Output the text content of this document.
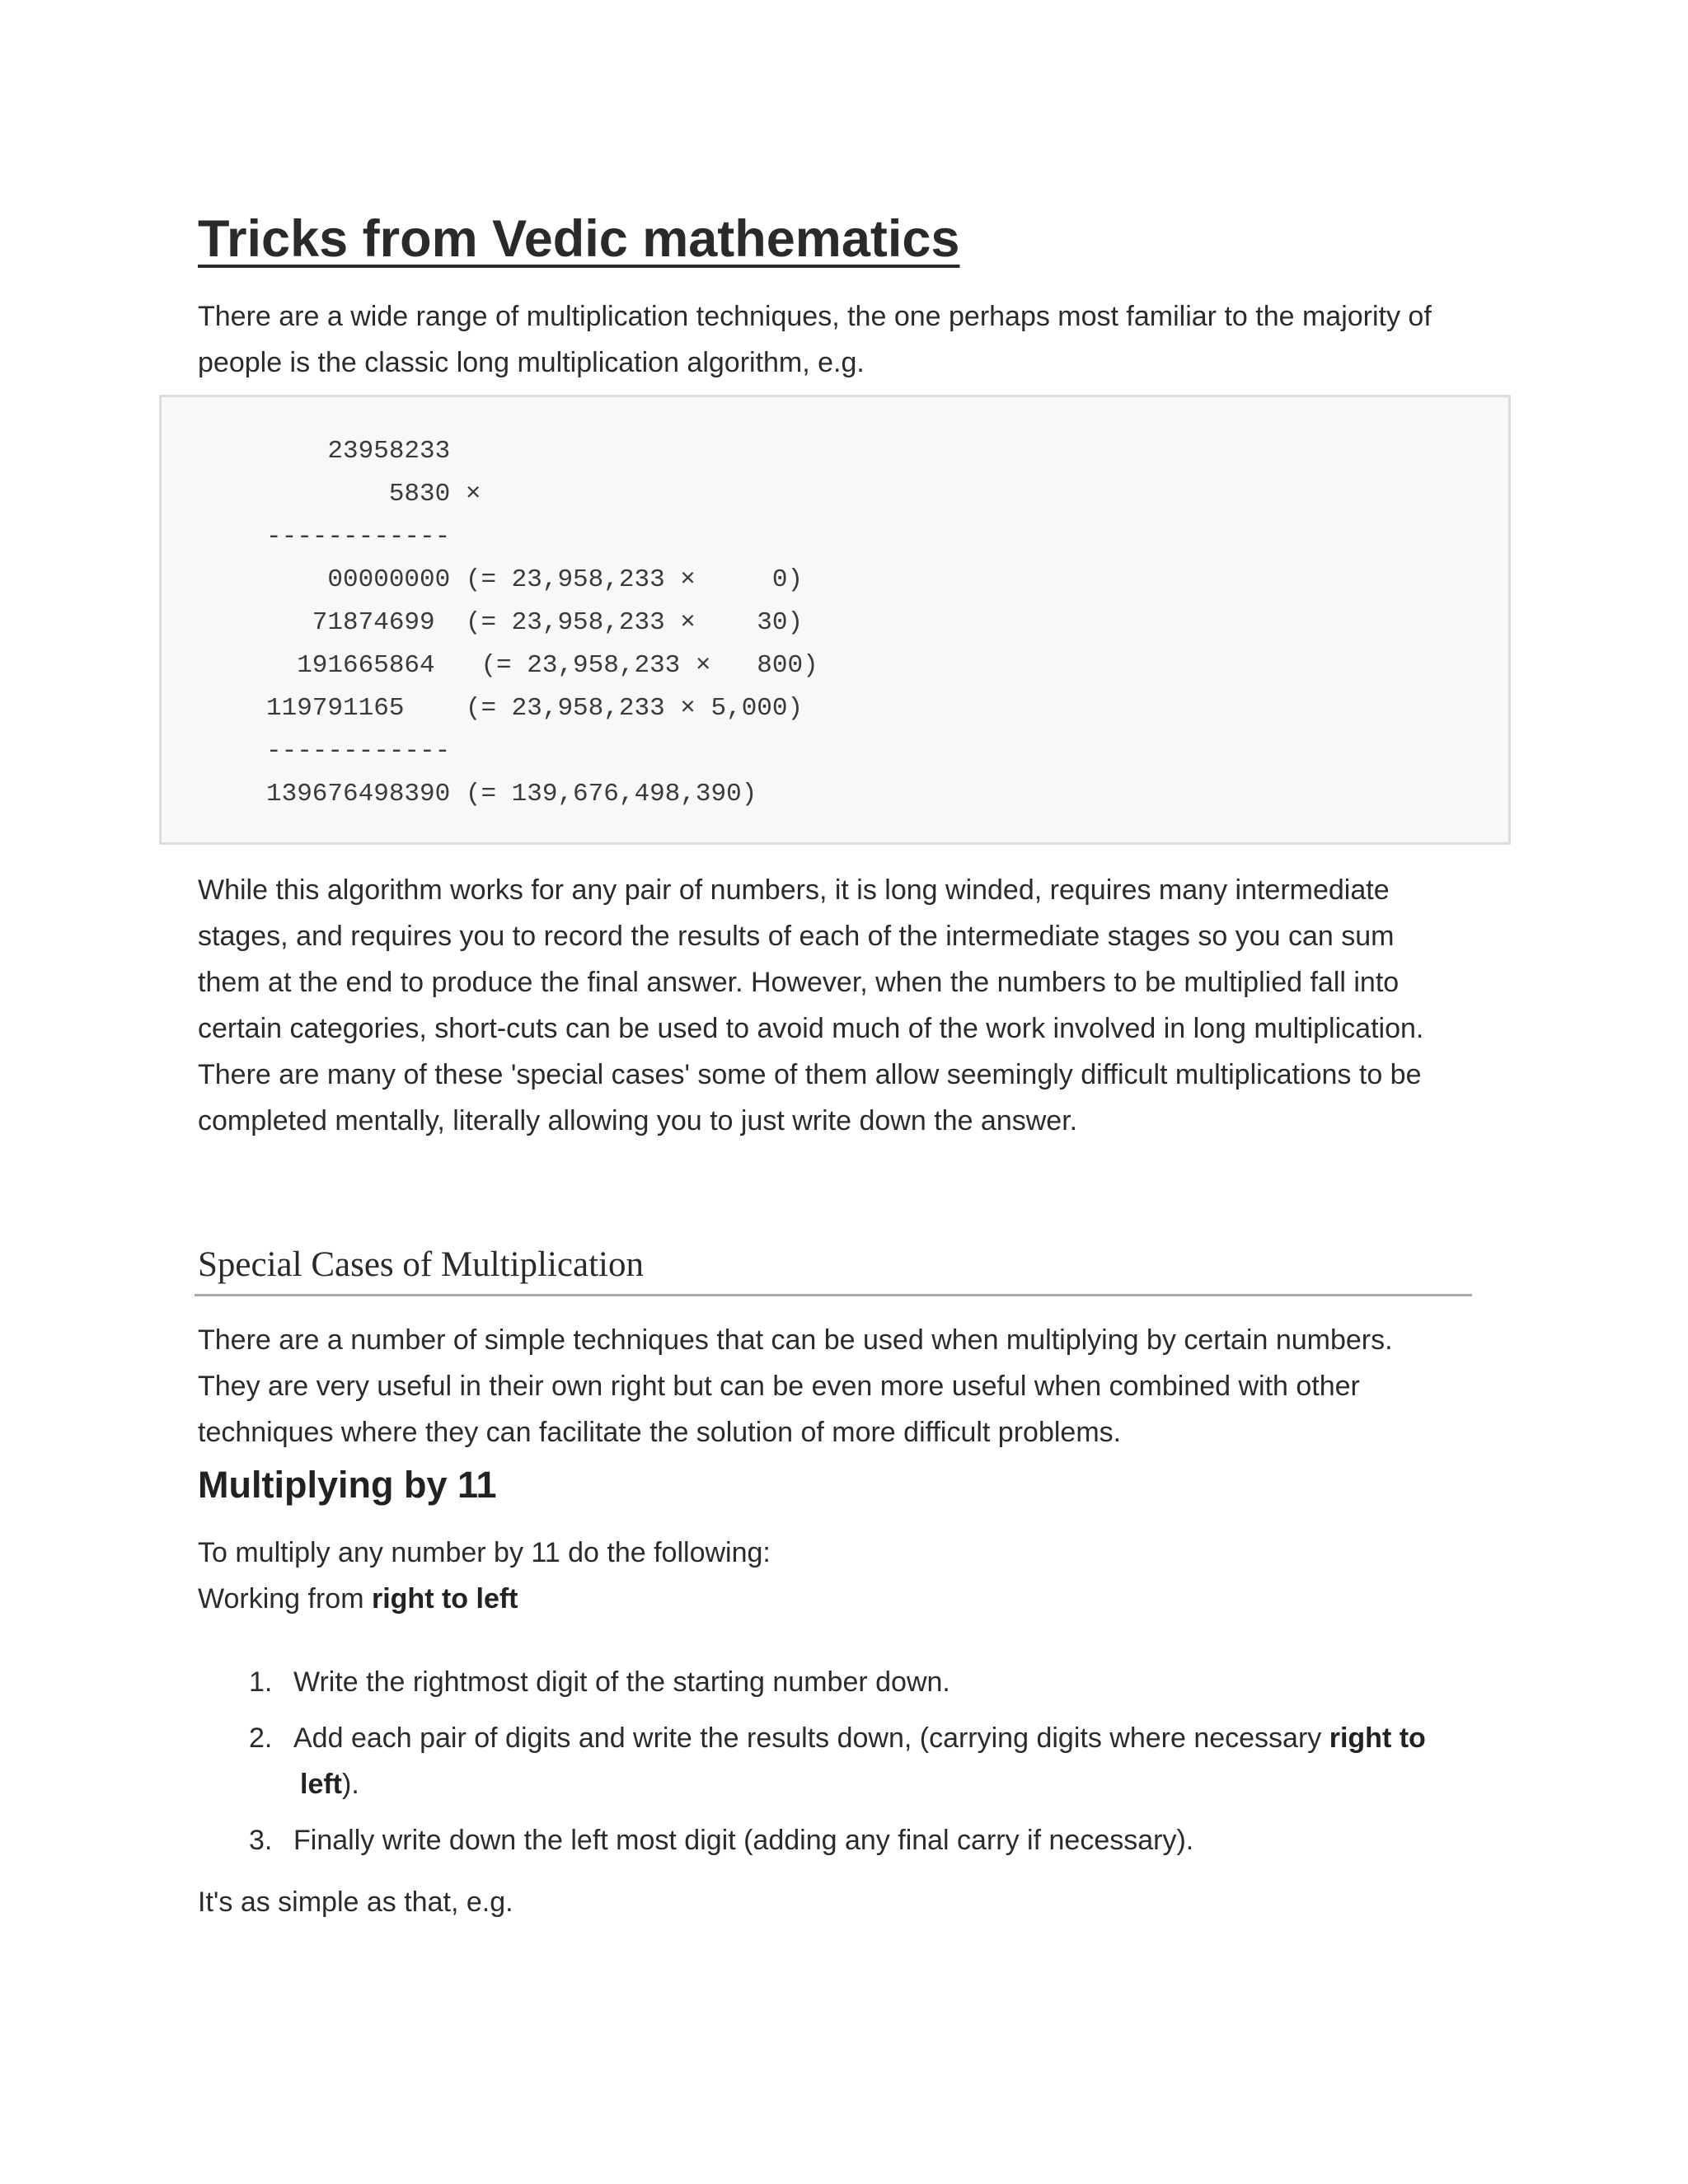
Tricks from Vedic mathematics
There are a wide range of multiplication techniques, the one perhaps most familiar to the majority of
people is the classic long multiplication algorithm, e.g.
23958233
5830 ×
------------
00000000 (= 23,958,233 ×     0)
71874699  (= 23,958,233 ×    30)
191665864   (= 23,958,233 ×   800)
119791165    (= 23,958,233 × 5,000)
------------
139676498390 (= 139,676,498,390)
While this algorithm works for any pair of numbers, it is long winded, requires many intermediate
stages, and requires you to record the results of each of the intermediate stages so you can sum
them at the end to produce the final answer. However, when the numbers to be multiplied fall into
certain categories, short-cuts can be used to avoid much of the work involved in long multiplication.
There are many of these 'special cases' some of them allow seemingly difficult multiplications to be
completed mentally, literally allowing you to just write down the answer.
Special Cases of Multiplication
There are a number of simple techniques that can be used when multiplying by certain numbers.
They are very useful in their own right but can be even more useful when combined with other
techniques where they can facilitate the solution of more difficult problems.
Multiplying by 11
To multiply any number by 11 do the following:
Working from right to left
1. Write the rightmost digit of the starting number down.
2. Add each pair of digits and write the results down, (carrying digits where necessary right to
left).
3. Finally write down the left most digit (adding any final carry if necessary).
It's as simple as that, e.g.
